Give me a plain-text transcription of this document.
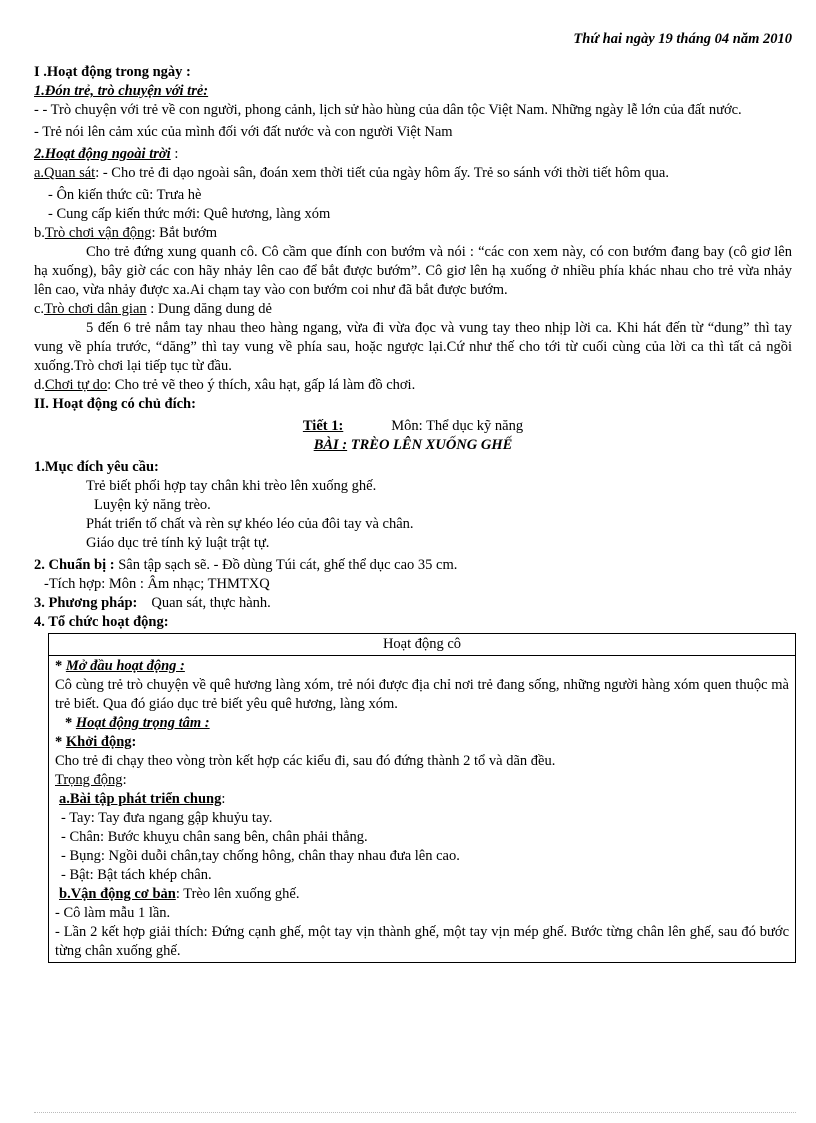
Thứ hai ngày 19 tháng 04 năm 2010
I .Hoạt động trong ngày :
1.Đón trẻ, trò chuyện với trẻ:
- - Trò chuyện với trẻ về con người, phong cảnh, lịch sử hào hùng của dân tộc Việt Nam. Những ngày lễ lớn của đất nước.
- Trẻ nói lên cảm xúc của mình đối với đất nước và con người Việt Nam
2.Hoạt động ngoài trời :
a.Quan sát: - Cho trẻ đi dạo ngoài sân, đoán xem thời tiết của ngày hôm ấy. Trẻ so sánh với thời tiết hôm qua.
- Ôn kiến thức cũ: Trưa hè
- Cung cấp kiến thức mới: Quê hương, làng xóm
b.Trò chơi vận động: Bắt bướm
Cho trẻ đứng xung quanh cô. Cô cầm que đính con bướm và nói : “các con xem này, có con bướm đang bay (cô giơ lên hạ xuống), bây giờ các con hãy nhảy lên cao để bắt được bướm”. Cô giơ lên hạ xuống ở nhiều phía khác nhau cho trẻ vừa nhảy lên cao, vừa nhảy được xa.Ai chạm tay vào con bướm coi như đã bắt được bướm.
c.Trò chơi dân gian : Dung dăng dung dẻ
5 đến 6 trẻ nắm tay nhau theo hàng ngang, vừa đi vừa đọc và vung tay theo nhịp lời ca. Khi hát đến từ “dung” thì tay vung về phía trước, “dăng” thì tay vung về phía sau, hoặc ngược lại.Cứ như thế cho tới từ cuối cùng của lời ca thì tất cả ngồi xuống.Trò chơi lại tiếp tục từ đầu.
d.Chơi tự do: Cho trẻ vẽ theo ý thích, xâu hạt, gấp lá làm đồ chơi.
II. Hoạt động có chủ đích:
Tiết 1:	Môn: Thể dục kỹ năng
BÀI : TRÈO LÊN XUỐNG GHẾ
1.Mục đích yêu cầu:
Trẻ biết phối hợp tay chân khi trèo lên xuống ghế.
Luyện kỷ năng trèo.
Phát triển tố chất và rèn sự khéo léo của đôi tay và chân.
Giáo dục trẻ tính kỷ luật trật tự.
2. Chuẩn bị : Sân tập sạch sẽ. - Đồ dùng Túi cát, ghế thể dục cao 35 cm.
-Tích hợp: Môn : Âm nhạc; THMTXQ
3. Phương pháp: Quan sát, thực hành.
4. Tổ chức hoạt động:
Hoạt động cô

* Mở đầu hoạt động :
Cô cùng trẻ trò chuyện về quê hương làng xóm, trẻ nói được địa chỉ nơi trẻ đang sống, những người hàng xóm quen thuộc mà trẻ biết. Qua đó giáo dục trẻ biết yêu quê hương, làng xóm.
* Hoạt động trọng tâm :
* Khởi động:
Cho trẻ đi chạy theo vòng tròn kết hợp các kiểu đi, sau đó đứng thành 2 tổ và dãn đều.
Trọng động:
a.Bài tập phát triển chung:
- Tay: Tay đưa ngang gập khuỷu tay.
- Chân: Bước khuỵu chân sang bên, chân phải thẳng.
- Bụng: Ngồi duỗi chân,tay chống hông, chân thay nhau đưa lên cao.
- Bật: Bật tách khép chân.
b.Vận động cơ bản: Trèo lên xuống ghế.
- Cô làm mẫu 1 lần.
- Lần 2 kết hợp giải thích: Đứng cạnh ghế, một tay vịn thành ghế, một tay vịn mép ghế. Bước từng chân lên ghế, sau đó bước từng chân xuống ghế.
